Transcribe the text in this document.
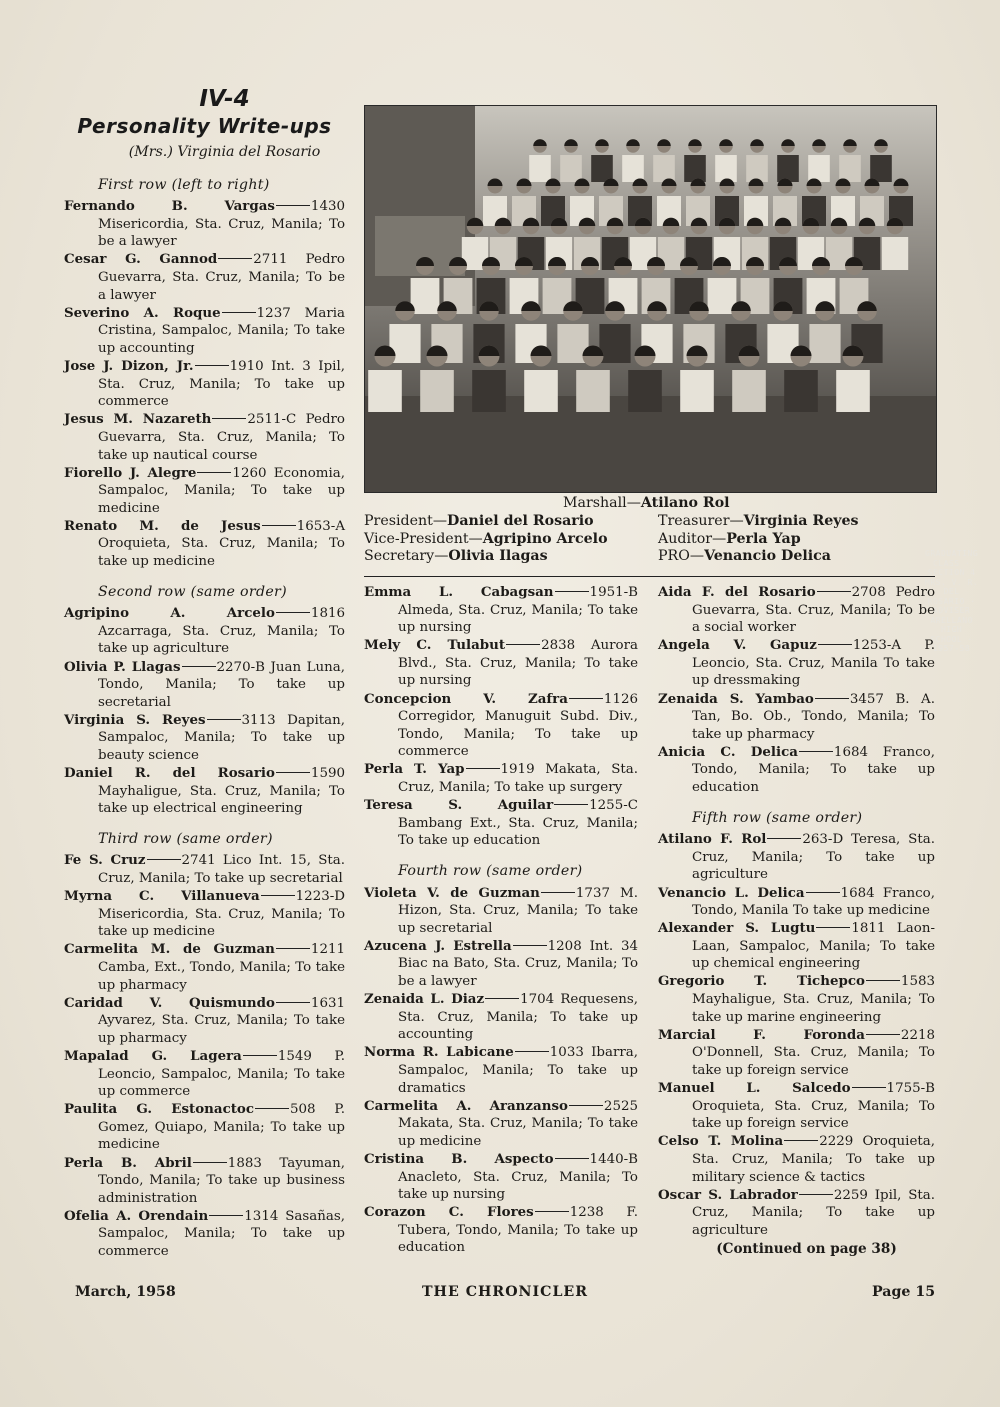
IV-4
Personality Write-ups
(Mrs.) Virginia del Rosario
First row (left to right)
Fernando B. Vargas	1430 Misericordia, Sta. Cruz, Manila; To be a lawyer
Cesar G. Gannod	2711 Pedro Guevarra, Sta. Cruz, Manila; To be a lawyer
Severino A. Roque	1237 Maria Cristina, Sampaloc, Manila; To take up accounting
Jose J. Dizon, Jr.	1910 Int. 3 Ipil, Sta. Cruz, Manila; To take up commerce
Jesus M. Nazareth	2511-C Pedro Guevarra, Sta. Cruz, Manila; To take up nautical course
Fiorello J. Alegre	1260 Economia, Sampaloc, Manila; To take up medicine
Renato M. de Jesus	1653-A Oroquieta, Sta. Cruz, Manila; To take up medicine
Second row (same order)
Agripino A. Arcelo	1816 Azcarraga, Sta. Cruz, Manila; To take up agriculture
Olivia P. Llagas	2270-B Juan Luna, Tondo, Manila; To take up secretarial
Virginia S. Reyes	3113 Dapitan, Sampaloc, Manila; To take up beauty science
Daniel R. del Rosario	1590 Mayhaligue, Sta. Cruz, Manila; To take up electrical engineering
Third row (same order)
Fe S. Cruz	2741 Lico Int. 15, Sta. Cruz, Manila; To take up secretarial
Myrna C. Villanueva	1223-D Misericordia, Sta. Cruz, Manila; To take up medicine
Carmelita M. de Guzman	1211 Camba, Ext., Tondo, Manila; To take up pharmacy
Caridad V. Quismundo	1631 Ayvarez, Sta. Cruz, Manila; To take up pharmacy
Mapalad G. Lagera	1549 P. Leoncio, Sampaloc, Manila; To take up commerce
Paulita G. Estonactoc	508 P. Gomez, Quiapo, Manila; To take up medicine
Perla B. Abril	1883 Tayuman, Tondo, Manila; To take up business administration
Ofelia A. Orendain	1314 Sasañas, Sampaloc, Manila; To take up commerce
GRADUATING CLASS · SECTION 4
MRS. V. R. DEL ROSARIO · ADVISER
ARELLANO HIGH SCHOOL · 1957-58
Marshall—Atilano Rol
President—Daniel del Rosario
Vice-President—Agripino Arcelo
Secretary—Olivia Ilagas
Treasurer—Virginia Reyes
Auditor—Perla Yap
PRO—Venancio Delica
Emma L. Cabagsan	1951-B Almeda, Sta. Cruz, Manila; To take up nursing
Mely C. Tulabut	2838 Aurora Blvd., Sta. Cruz, Manila; To take up nursing
Concepcion V. Zafra	1126 Corregidor, Manuguit Subd. Div., Tondo, Manila; To take up commerce
Perla T. Yap	1919 Makata, Sta. Cruz, Manila; To take up surgery
Teresa S. Aguilar	1255-C Bambang Ext., Sta. Cruz, Manila; To take up education
Fourth row (same order)
Violeta V. de Guzman	1737 M. Hizon, Sta. Cruz, Manila; To take up secretarial
Azucena J. Estrella	1208 Int. 34 Biac na Bato, Sta. Cruz, Manila; To be a lawyer
Zenaida L. Diaz	1704 Requesens, Sta. Cruz, Manila; To take up accounting
Norma R. Labicane	1033 Ibarra, Sampaloc, Manila; To take up dramatics
Carmelita A. Aranzanso	2525 Makata, Sta. Cruz, Manila; To take up medicine
Cristina B. Aspecto	1440-B Anacleto, Sta. Cruz, Manila; To take up nursing
Corazon C. Flores	1238 F. Tubera, Tondo, Manila; To take up education
Aida F. del Rosario	2708 Pedro Guevarra, Sta. Cruz, Manila; To be a social worker
Angela V. Gapuz	1253-A P. Leoncio, Sta. Cruz, Manila To take up dressmaking
Zenaida S. Yambao	3457 B. A. Tan, Bo. Ob., Tondo, Manila; To take up pharmacy
Anicia C. Delica	1684 Franco, Tondo, Manila; To take up education
Fifth row (same order)
Atilano F. Rol	263-D Teresa, Sta. Cruz, Manila; To take up agriculture
Venancio L. Delica	1684 Franco, Tondo, Manila To take up medicine
Alexander S. Lugtu	1811 Laon-Laan, Sampaloc, Manila; To take up chemical engineering
Gregorio T. Tichepco	1583 Mayhaligue, Sta. Cruz, Manila; To take up marine engineering
Marcial F. Foronda	2218 O'Donnell, Sta. Cruz, Manila; To take up foreign service
Manuel L. Salcedo	1755-B Oroquieta, Sta. Cruz, Manila; To take up foreign service
Celso T. Molina	2229 Oroquieta, Sta. Cruz, Manila; To take up military science & tactics
Oscar S. Labrador	2259 Ipil, Sta. Cruz, Manila; To take up agriculture
(Continued on page 38)
March, 1958	THE CHRONICLER	Page 15
